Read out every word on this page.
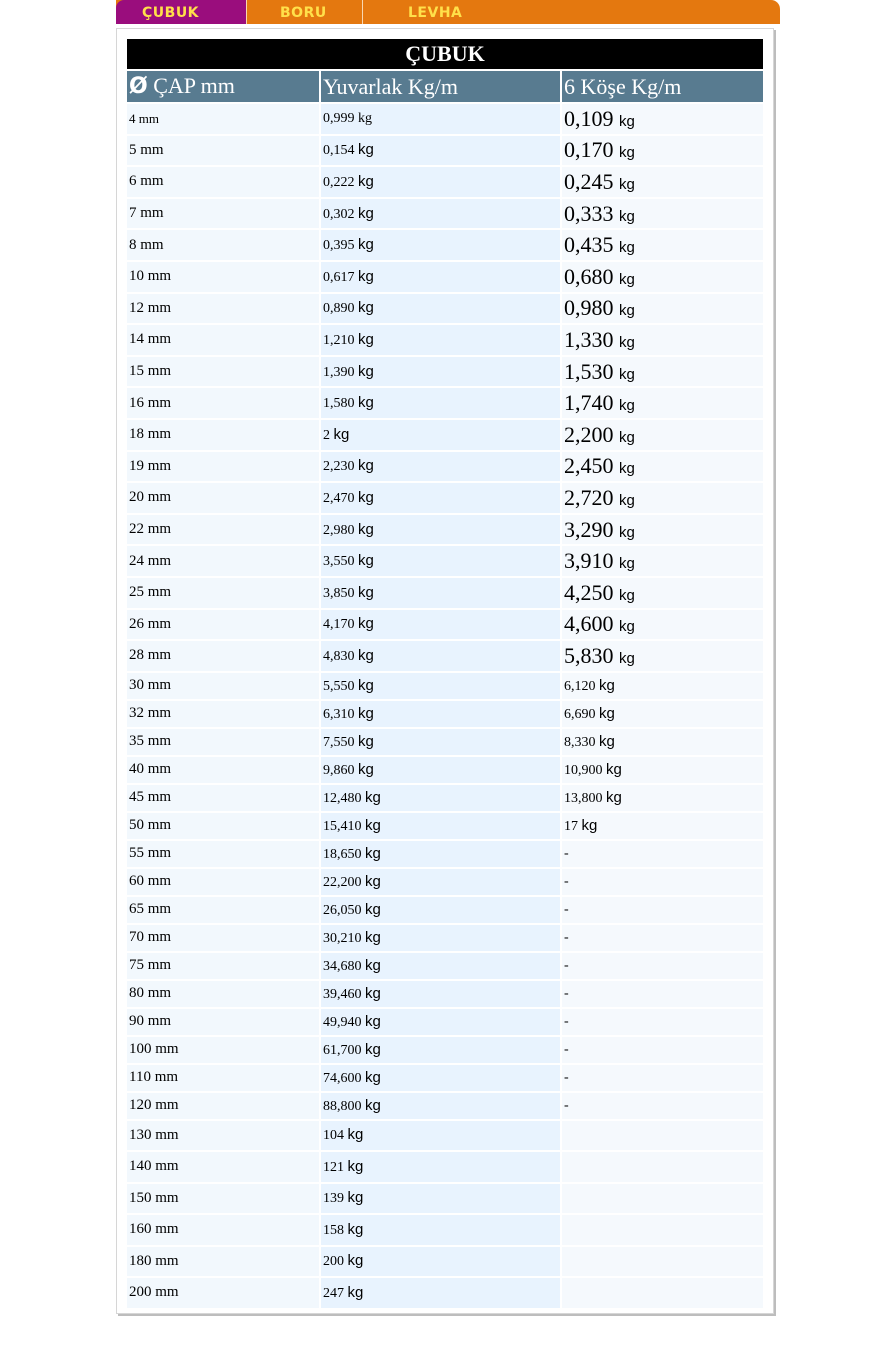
ÇUBUK	BORU	LEVHA
ÇUBUK		
Ø ÇAP mm	Yuvarlak Kg/m	6 Köşe Kg/m
4 mm	0,999 kg	0,109 kg
5 mm	0,154 kg	0,170 kg
6 mm	0,222 kg	0,245 kg
7 mm	0,302 kg	0,333 kg
8 mm	0,395 kg	0,435 kg
10 mm	0,617 kg	0,680 kg
12 mm	0,890 kg	0,980 kg
14 mm	1,210 kg	1,330 kg
15 mm	1,390 kg	1,530 kg
16 mm	1,580 kg	1,740 kg
18 mm	2 kg	2,200 kg
19 mm	2,230 kg	2,450 kg
20 mm	2,470 kg	2,720 kg
22 mm	2,980 kg	3,290 kg
24 mm	3,550 kg	3,910 kg
25 mm	3,850 kg	4,250 kg
26 mm	4,170 kg	4,600 kg
28 mm	4,830 kg	5,830 kg
30 mm	5,550 kg	6,120 kg
32 mm	6,310 kg	6,690 kg
35 mm	7,550 kg	8,330 kg
40 mm	9,860 kg	10,900 kg
45 mm	12,480 kg	13,800 kg
50 mm	15,410 kg	17 kg
55 mm	18,650 kg	-
60 mm	22,200 kg	-
65 mm	26,050 kg	-
70 mm	30,210 kg	-
75 mm	34,680 kg	-
80 mm	39,460 kg	-
90 mm	49,940 kg	-
100 mm	61,700 kg	-
110 mm	74,600 kg	-
120 mm	88,800 kg	-
130 mm	104 kg	
140 mm	121 kg	
150 mm	139 kg	
160 mm	158 kg	
180 mm	200 kg	
200 mm	247 kg	
